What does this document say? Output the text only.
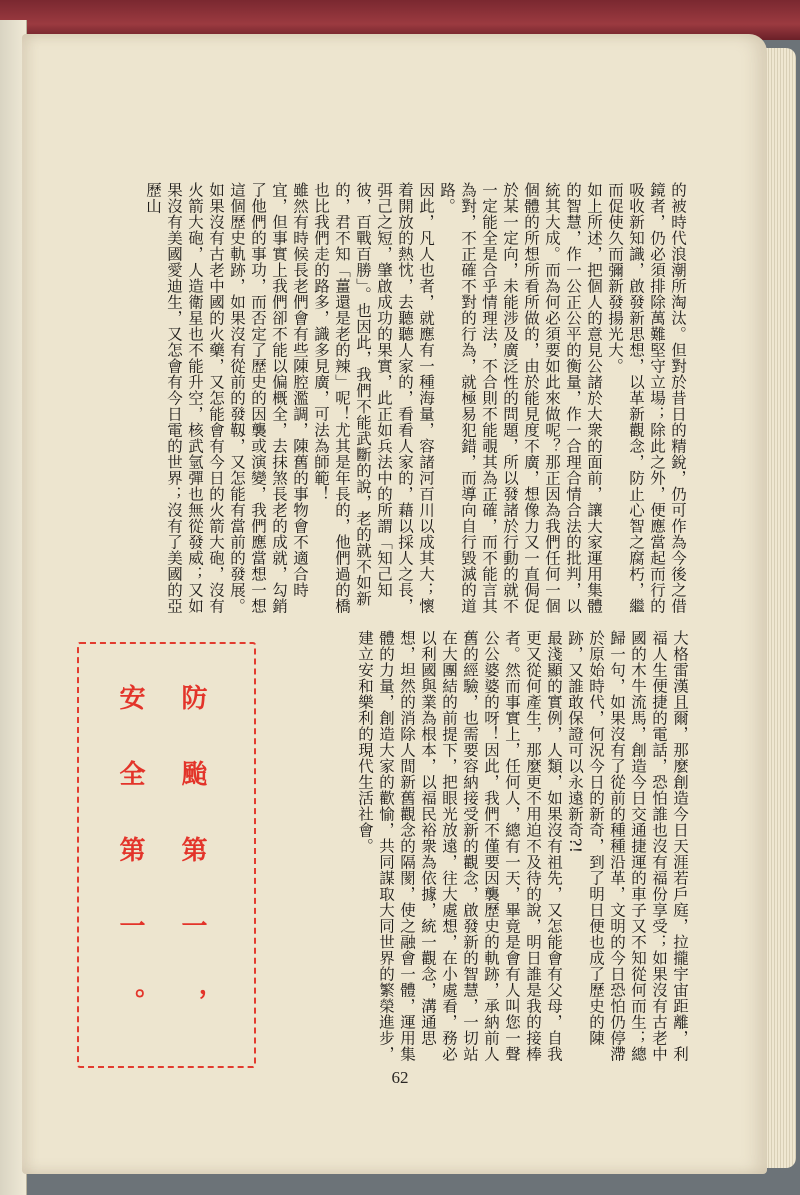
的被時代浪潮所淘汰。但對於昔日的精銳，仍可作為今後之借鏡者，仍必須排除萬難堅守立場；除此之外，便應當起而行的吸收新知識，啟發新思想，以革新觀念，防止心智之腐朽，繼而促使久而彌新發揚光大。
如上所述，把個人的意見公諸於大衆的面前，讓大家運用集體的智慧，作一公正公平的衡量，作一合理合情合法的批判，以統其大成。而為何必須要如此來做呢？那正因為我們任何一個個體的所想所看所做的，由於能見度不廣，想像力又一直侷促於某一定向，未能涉及廣泛性的問題，所以發諸於行動的就不一定能全是合乎情理法，不合則不能覗其為正確，而不能言其為對，不正確不對的行為，就極易犯錯，而導向自行毀滅的道路。
因此，凡人也者，就應有一種海量，容諸河百川以成其大；懷着開放的熱忱，去聽聽人家的，看看人家的，藉以採人之長，弭己之短，肇啟成功的果實，此正如兵法中的所謂「知己知彼，百戰百勝」。也因此，我們不能武斷的說，老的就不如新的，君不知「薑還是老的辣」呢！尤其是年長的，他們過的橋也比我們走的路多，識多見廣，可法為師範！
雖然有時候長老們會有些陳腔濫調，陳舊的事物會不適合時宜，但事實上我們卻不能以偏概全，去抹煞長老的成就，勾銷了他們的事功，而否定了歷史的因襲或演變，我們應當想一想這個歷史軌跡，如果沒有從前的發靱，又怎能有當前的發展。如果沒有古老中國的火藥，又怎能會有今日的火箭大砲，沒有火箭大砲，人造衛星也不能升空，核武氫彈也無從發威；又如果沒有美國愛迪生，又怎會有今日電的世界；沒有了美國的亞歷山
大格雷漢且爾，那麼創造今日天涯若戶庭，拉攏宇宙距離，利福人生便捷的電話，恐怕誰也沒有福份享受；如果沒有古老中國的木牛流馬，創造今日交通捷運的車子又不知從何而生；總歸一句，如果沒有了從前的種種沿革，文明的今日恐怕仍停滯於原始時代，何況今日的新奇，到了明日便也成了歷史的陳跡，又誰敢保證可以永遠新奇?!
最淺顯的實例，人類，如果沒有祖先，又怎能會有父母，自我更又從何產生，那麼更不用迫不及待的說，明日誰是我的接棒者。然而事實上，任何人，總有一天，畢竟是會有人叫您一聲公公婆婆的呀！因此，我們不僅要因襲歷史的軌跡，承納前人舊的經驗，也需要容納接受新的觀念，啟發新的智慧，一切站在大團結的前提下，把眼光放遠，往大處想，在小處看，務必以利國與業為根本，以福民裕衆為依據，統一觀念，溝通思想，坦然的消除人間新舊觀念的隔閡，使之融會一體，運用集體的力量，創造大家的歡愉，共同謀取大同世界的繁榮進步，建立安和樂利的現代生活社會。
防颱第一，
安全第一。
62
